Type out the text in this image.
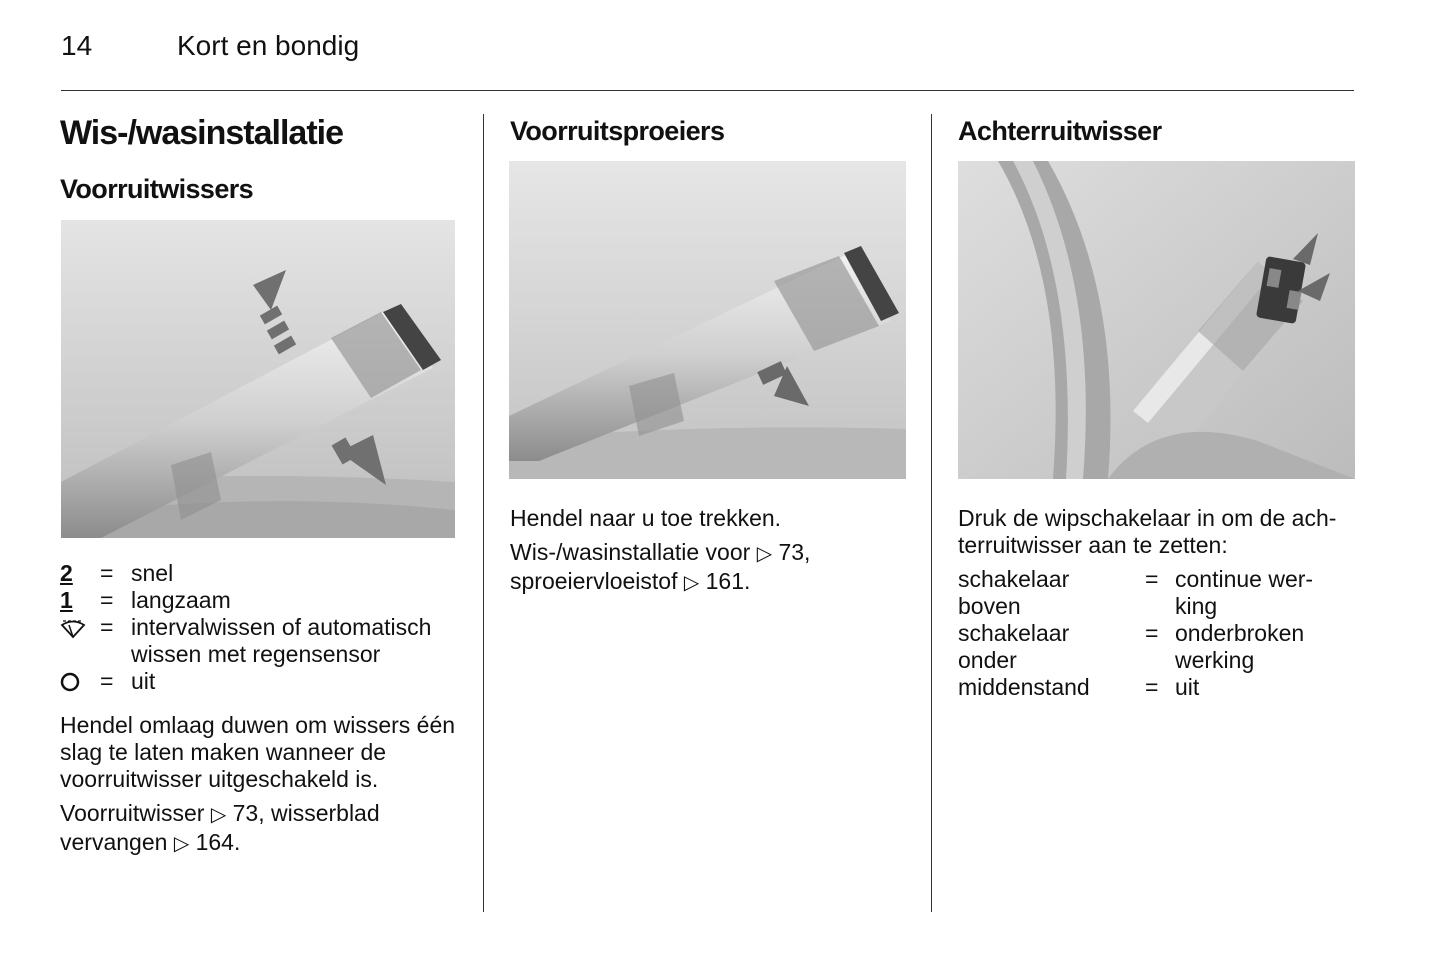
14	Kort en bondig
Wis-/wasinstallatie
Voorruitwissers
2 = snel
1 = langzaam
= intervalwissen of automatisch wissen met regensensor
= uit
Hendel omlaag duwen om wissers één slag te laten maken wanneer de voorruitwisser uitgeschakeld is.
Voorruitwisser ▷ 73, wisserblad
vervangen ▷ 164.
Voorruitsproeiers
Hendel naar u toe trekken.
Wis-/wasinstallatie voor ▷ 73,
sproeiervloeistof ▷ 161.
Achterruitwisser
Druk de wipschakelaar in om de achterruitwisser aan te zetten:
schakelaar boven
= continue werking
schakelaar onder
= onderbroken werking
middenstand	= uit
